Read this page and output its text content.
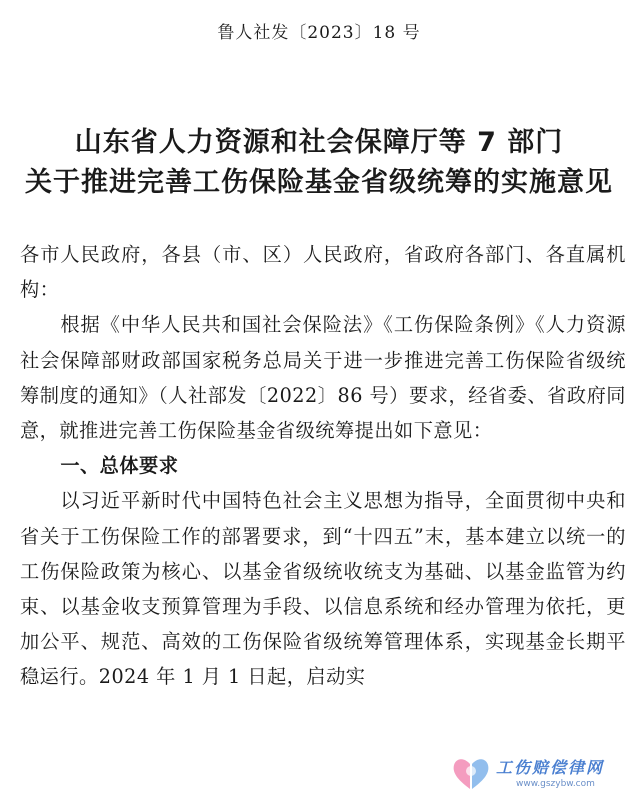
鲁人社发〔2023〕18 号
山东省人力资源和社会保障厅等 7 部门
关于推进完善工伤保险基金省级统筹的实施意见

各市人民政府，各县（市、区）人民政府，省政府各部门、各直属机构：

根据《中华人民共和国社会保险法》《工伤保险条例》《人力资源社会保障部财政部国家税务总局关于进一步推进完善工伤保险省级统筹制度的通知》（人社部发〔2022〕86 号）要求，经省委、省政府同意，就推进完善工伤保险基金省级统筹提出如下意见：

一、总体要求

以习近平新时代中国特色社会主义思想为指导，全面贯彻中央和省关于工伤保险工作的部署要求，到“十四五”末，基本建立以统一的工伤保险政策为核心、以基金省级统收统支为基础、以基金监管为约束、以基金收支预算管理为手段、以信息系统和经办管理为依托，更加公平、规范、高效的工伤保险省级统筹管理体系，实现基金长期平稳运行。2024 年 1 月 1 日起，启动实

工伤赔偿律网
www.gszybw.com
